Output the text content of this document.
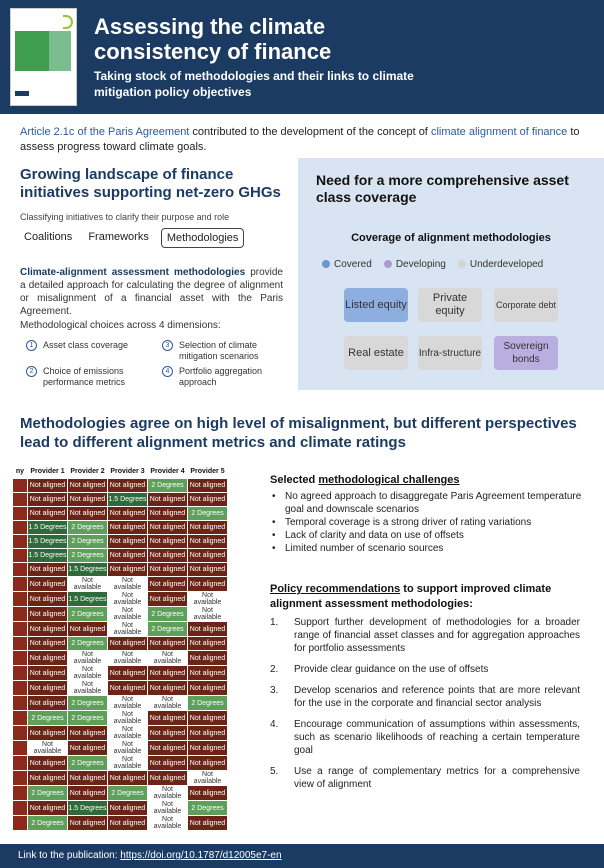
Assessing the climate consistency of finance
Taking stock of methodologies and their links to climate mitigation policy objectives
Article 2.1c of the Paris Agreement contributed to the development of the concept of climate alignment of finance to assess progress toward climate goals.
Growing landscape of finance initiatives supporting net-zero GHGs
Classifying initiatives to clarify their purpose and role
Coalitions	Frameworks	Methodologies
Climate-alignment assessment methodologies provide a detailed approach for calculating the degree of alignment or misalignment of a financial asset with the Paris Agreement.
Methodological choices across 4 dimensions:
1	Asset class coverage
2	Choice of emissions performance metrics
3	Selection of climate mitigation scenarios
4	Portfolio aggregation approach
Need for a more comprehensive asset class coverage
Coverage of alignment methodologies
Covered	Developing	Underdeveloped
Listed equity
Private equity
Corporate debt
Real estate	Infra-structure
Sovereign bonds
Methodologies agree on high level of misalignment, but different perspectives lead to different alignment metrics and climate ratings
ny	Provider 1	Provider 2	Provider 3	Provider 4	Provider 5
	Not aligned	Not aligned	Not aligned	2 Degrees	Not aligned
	Not aligned	Not aligned	1.5 Degrees	Not aligned	Not aligned
	Not aligned	Not aligned	Not aligned	Not aligned	2 Degrees
	1.5 Degrees	2 Degrees	Not aligned	Not aligned	Not aligned
	1.5 Degrees	2 Degrees	Not aligned	Not aligned	Not aligned
	1.5 Degrees	2 Degrees	Not aligned	Not aligned	Not aligned
	Not aligned	1.5 Degrees	Not aligned	Not aligned	Not aligned
	Not aligned	Not available	Not available	Not aligned	Not aligned
	Not aligned	1.5 Degrees	Not available	Not aligned	Not available
	Not aligned	2 Degrees	Not available	2 Degrees	Not available
	Not aligned	Not aligned	Not available	2 Degrees	Not aligned
	Not aligned	2 Degrees	Not aligned	Not aligned	Not aligned
	Not aligned	Not available	Not available	Not available	Not aligned
	Not aligned	Not available	Not aligned	Not aligned	Not aligned
	Not aligned	Not available	Not aligned	Not aligned	Not aligned
	Not aligned	2 Degrees	Not available	Not available	2 Degrees
	2 Degrees	2 Degrees	Not available	Not aligned	Not aligned
	Not aligned	Not aligned	Not available	Not aligned	Not aligned
	Not available	Not aligned	Not available	Not aligned	Not aligned
	Not aligned	2 Degrees	Not available	Not aligned	Not aligned
	Not aligned	Not aligned	Not aligned	Not aligned	Not available
	2 Degrees	Not aligned	2 Degrees	Not available	Not aligned
	Not aligned	1.5 Degrees	Not aligned	Not available	2 Degrees
	2 Degrees	Not aligned	Not aligned	Not available	Not aligned
Selected methodological challenges
• No agreed approach to disaggregate Paris Agreement temperature goal and downscale scenarios
• Temporal coverage is a strong driver of rating variations
• Lack of clarity and data on use of offsets
• Limited number of scenario sources
Policy recommendations to support improved climate alignment assessment methodologies:
1. Support further development of methodologies for a broader range of financial asset classes and for aggregation approaches for portfolio assessments
2. Provide clear guidance on the use of offsets
3. Develop scenarios and reference points that are more relevant for the use in the corporate and financial sector analysis
4. Encourage communication of assumptions within assessments, such as scenario likelihoods of reaching a certain temperature goal
5. Use a range of complementary metrics for a comprehensive view of alignment
Link to the publication: https://doi.org/10.1787/d12005e7-en
